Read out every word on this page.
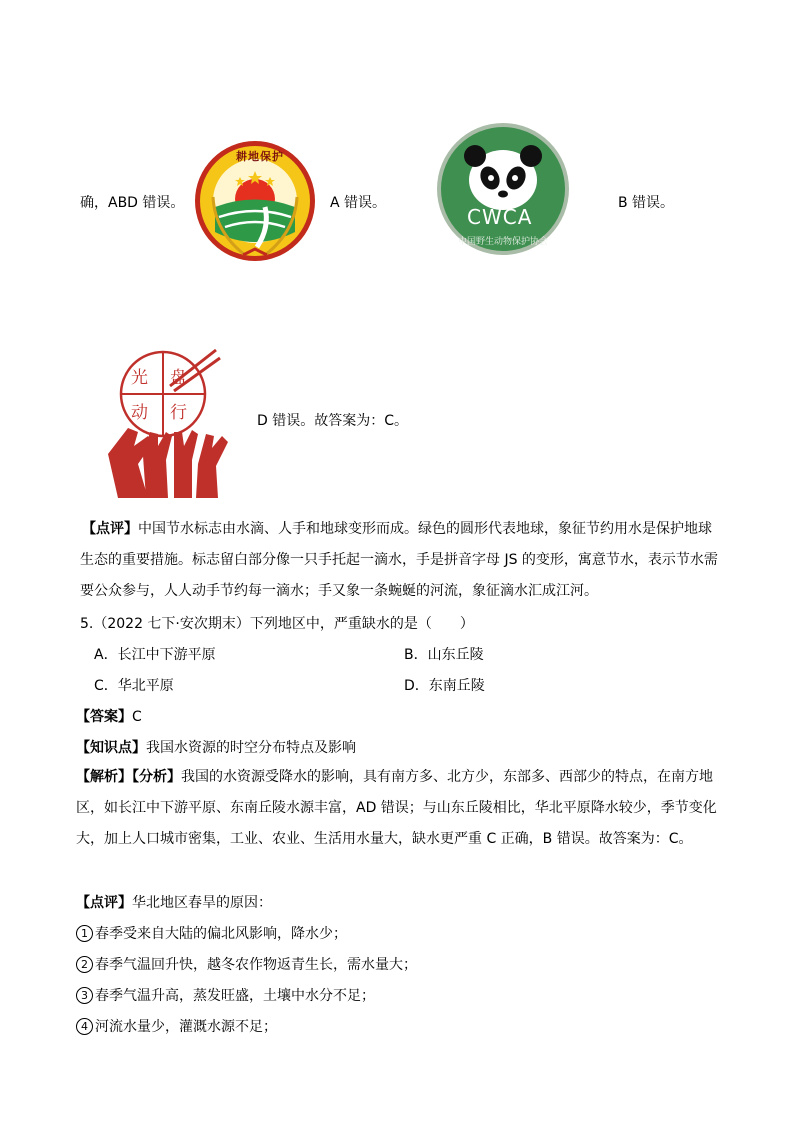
确，ABD 错误。
耕地保护
A 错误。
CWCA
中国野生动物保护协会
B 错误。
光 盘
动 行	D 错误。故答案为：C。
【点评】中国节水标志由水滴、人手和地球变形而成。绿色的圆形代表地球，象征节约用水是保护地球生态的重要措施。标志留白部分像一只手托起一滴水，手是拼音字母 JS 的变形，寓意节水，表示节水需要公众参与，人人动手节约每一滴水；手又象一条蜿蜒的河流，象征滴水汇成江河。
5.（2022 七下·安次期末）下列地区中，严重缺水的是（　　）
A．长江中下游平原	B．山东丘陵
C．华北平原	D．东南丘陵
【答案】C
【知识点】我国水资源的时空分布特点及影响
【解析】【分析】我国的水资源受降水的影响，具有南方多、北方少，东部多、西部少的特点，在南方地区，如长江中下游平原、东南丘陵水源丰富，AD 错误；与山东丘陵相比，华北平原降水较少，季节变化大，加上人口城市密集，工业、农业、生活用水量大，缺水更严重 C 正确，B 错误。故答案为：C。
【点评】华北地区春旱的原因：
1 春季受来自大陆的偏北风影响，降水少；
2 春季气温回升快，越冬农作物返青生长，需水量大；
3 春季气温升高，蒸发旺盛，土壤中水分不足；
4 河流水量少，灌溉水源不足；
